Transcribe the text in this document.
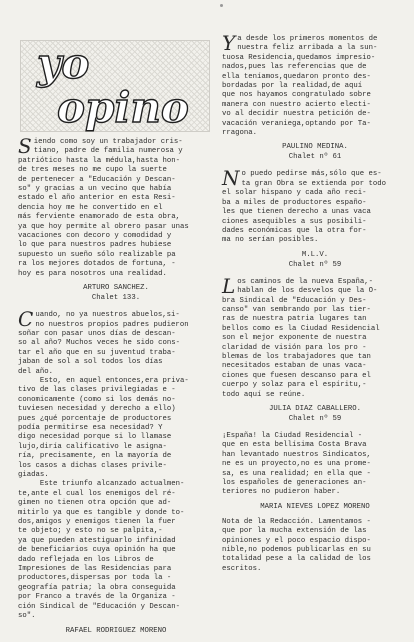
yo
opino

Siendo como soy un trabajador cris-
tiano, padre de familia numerosa y
patriótico hasta la médula,hasta hon-
de tres meses no me cupo la suerte
de pertenecer a "Educación y Descan-
so" y gracias a un vecino que había
estado el año anterior en esta Resi-
dencia hoy me he convertido en el
más ferviente enamorado de esta obra,
ya que hoy permite al obrero pasar unas
vacaciones con decoro y comodidad y
lo que para nuestros padres hubiese
supuesto un sueño sólo realizable pa
ra los mejores dotados de fortuna, -
hoy es para nosotros una realidad.

ARTURO SANCHEZ.
Chalet 133.

Cuando, no ya nuestros abuelos,si-
no nuestros propios padres pudieron
soñar con pasar unos días de descan-
so al año? Muchos veces he sido cons-
tar el año que en su juventud traba-
jaban de sol a sol todos los días
del año.
Esto, en aquel entonces,era priva-
tivo de las clases privilegiadas e -
conomicamente (como si los demás no-
tuviesen necesidad y derecho a ello)
pues ¿qué porcentaje de productores
podía permitirse esa necesidad? Y
digo necesidad porque si lo llamase
lujo,diría calificativo le asigna-
ría, precisamente, en la mayoría de
los casos a dichas clases privile-
giadas.
Este triunfo alcanzado actualmen-
te,ante el cual los enemigos del ré-
gimen no tienen otra opción que ad-
mitirlo ya que es tangible y donde to-
dos,amigos y enemigos tienen la fuer
te objeto; y esto no se palpita,-
ya que pueden atestiguarlo infinidad
de beneficiarios cuya opinión ha que
dado reflejada en los Libros de
Impresiones de las Residencias para
productores,dispersas por toda la -
geografía patria; la obra conseguida
por Franco a través de la Organiza -
ción Sindical de "Educación y Descan-
so".

RAFAEL RODRIGUEZ MORENO

Ya desde los primeros momentos de
nuestra feliz arribada a la sun-
tuosa Residencia,quedamos impresio-
nados,pues las referencias que de
ella teníamos,quedaron pronto des-
bordadas por la realidad,de aquí
que nos hayamos congratulado sobre
manera con nuestro acierto electi-
vo al decidir nuestra petición de-
vacación veraniega,optando por Ta-
rragona.

PAULINO MEDINA.
Chalet nº 61

No puedo pedirse más,sólo que es-
ta gran Obra se extienda por todo
el solar hispano y cada año reci-
ba a miles de productores españo-
les que tienen derecho a unas vaca
ciones asequibles a sus posibili-
dades económicas que la otra for-
ma no serían posibles.

M.L.V.
Chalet nº 59

Los caminos de la nueva España,-
hablan de los desvelos que la O-
bra Sindical de "Educación y Des-
canso" van sembrando por las tier-
ras de nuestra patria lugares tan
bellos como es la Ciudad Residencial
son el mejor exponente de nuestra
claridad de visión para los pro -
blemas de los trabajadores que tan
necesitados estaban de unas vaca-
ciones que fuesen descanso para el
cuerpo y solaz para el espíritu,-
todo aquí se reúne.

JULIA DIAZ CABALLERO.
Chalet nº 59

¡España! la Ciudad Residencial -
que en esta bellísima Costa Brava
han levantado nuestros Sindicatos,
ne es un proyecto,no es una prome-
sa, es una realidad; en ella que -
los españoles de generaciones an-
teriores no pudieron haber.

MARIA NIEVES LOPEZ MORENO

Nota de la Redacción. Lamentamos -
que por la mucha extensión de las
opiniones y el poco espacio dispo-
nible,no podemos publicarlas en su
totalidad pese a la calidad de los
escritos.
